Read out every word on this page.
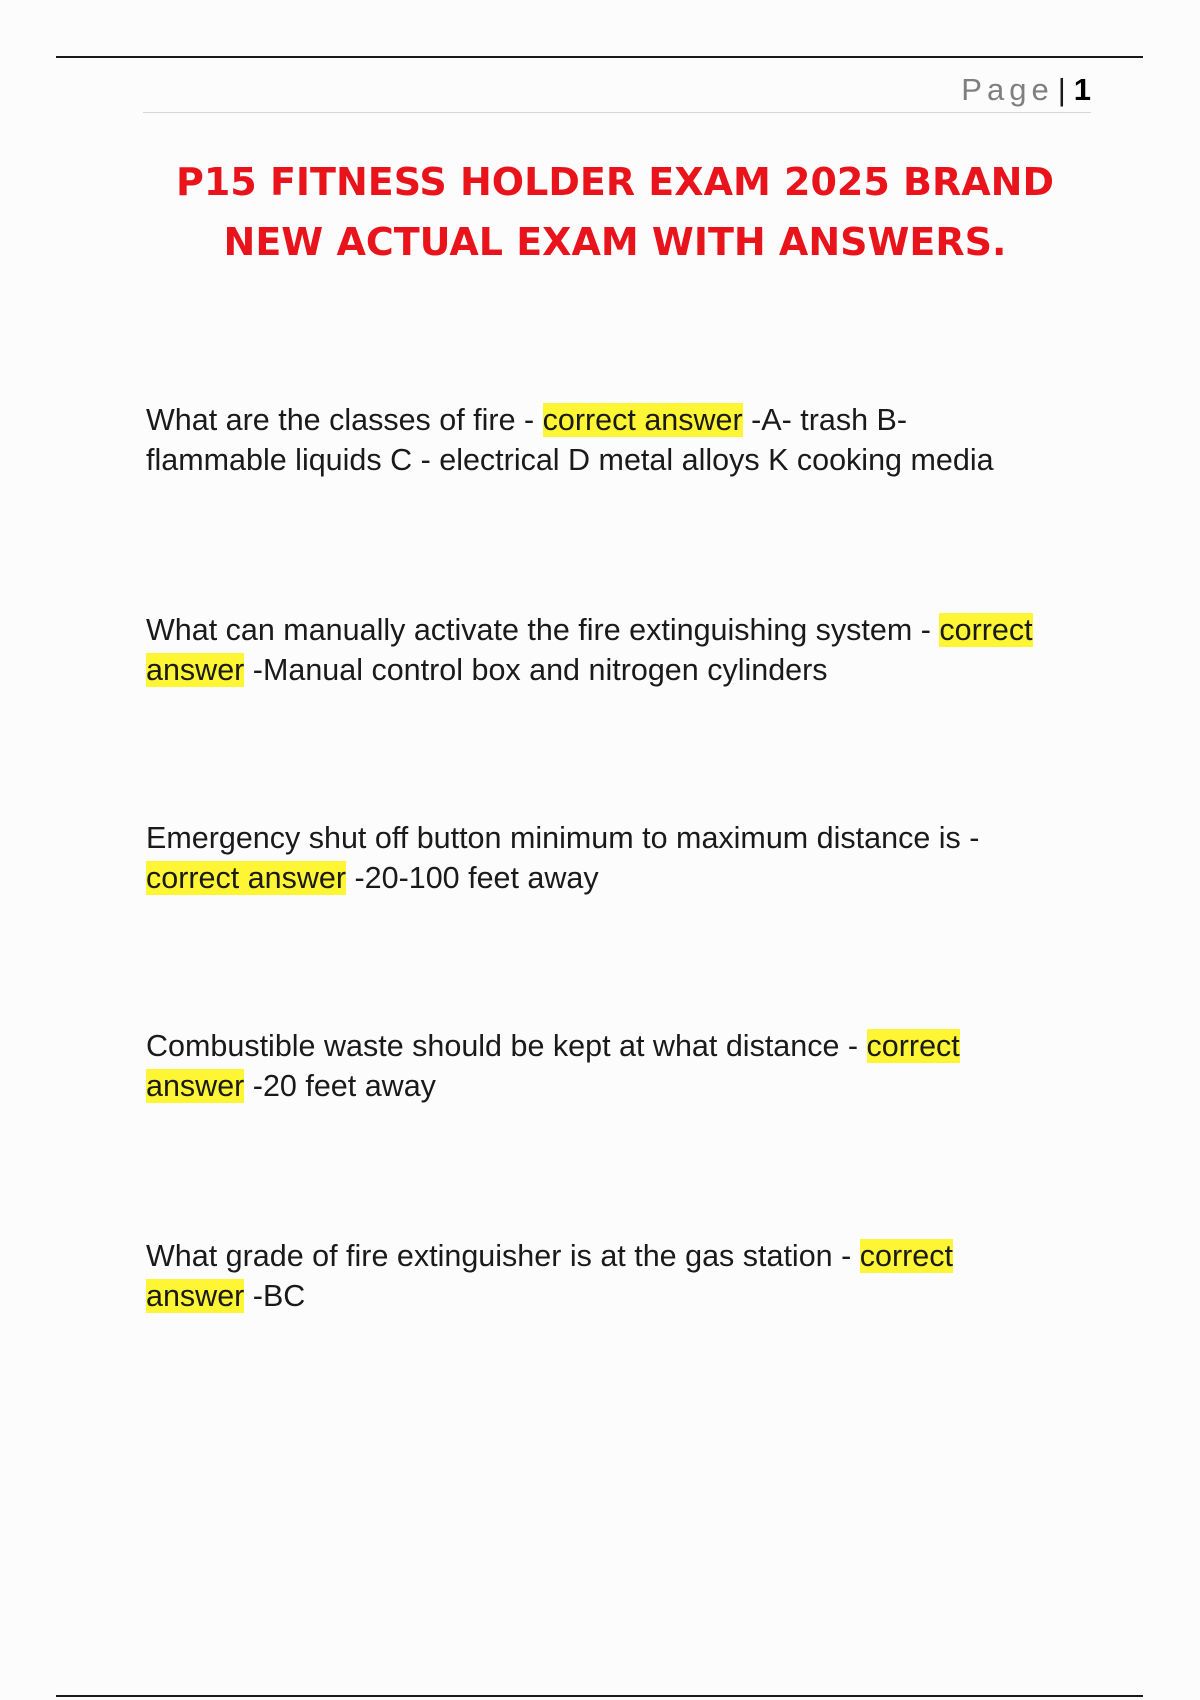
Page | 1
P15 FITNESS HOLDER EXAM 2025 BRAND
NEW ACTUAL EXAM WITH ANSWERS.

What are the classes of fire - correct answer -A- trash B-
flammable liquids C - electrical D metal alloys K cooking media

What can manually activate the fire extinguishing system - correct
answer -Manual control box and nitrogen cylinders

Emergency shut off button minimum to maximum distance is -
correct answer -20-100 feet away

Combustible waste should be kept at what distance - correct
answer -20 feet away

What grade of fire extinguisher is at the gas station - correct
answer -BC
